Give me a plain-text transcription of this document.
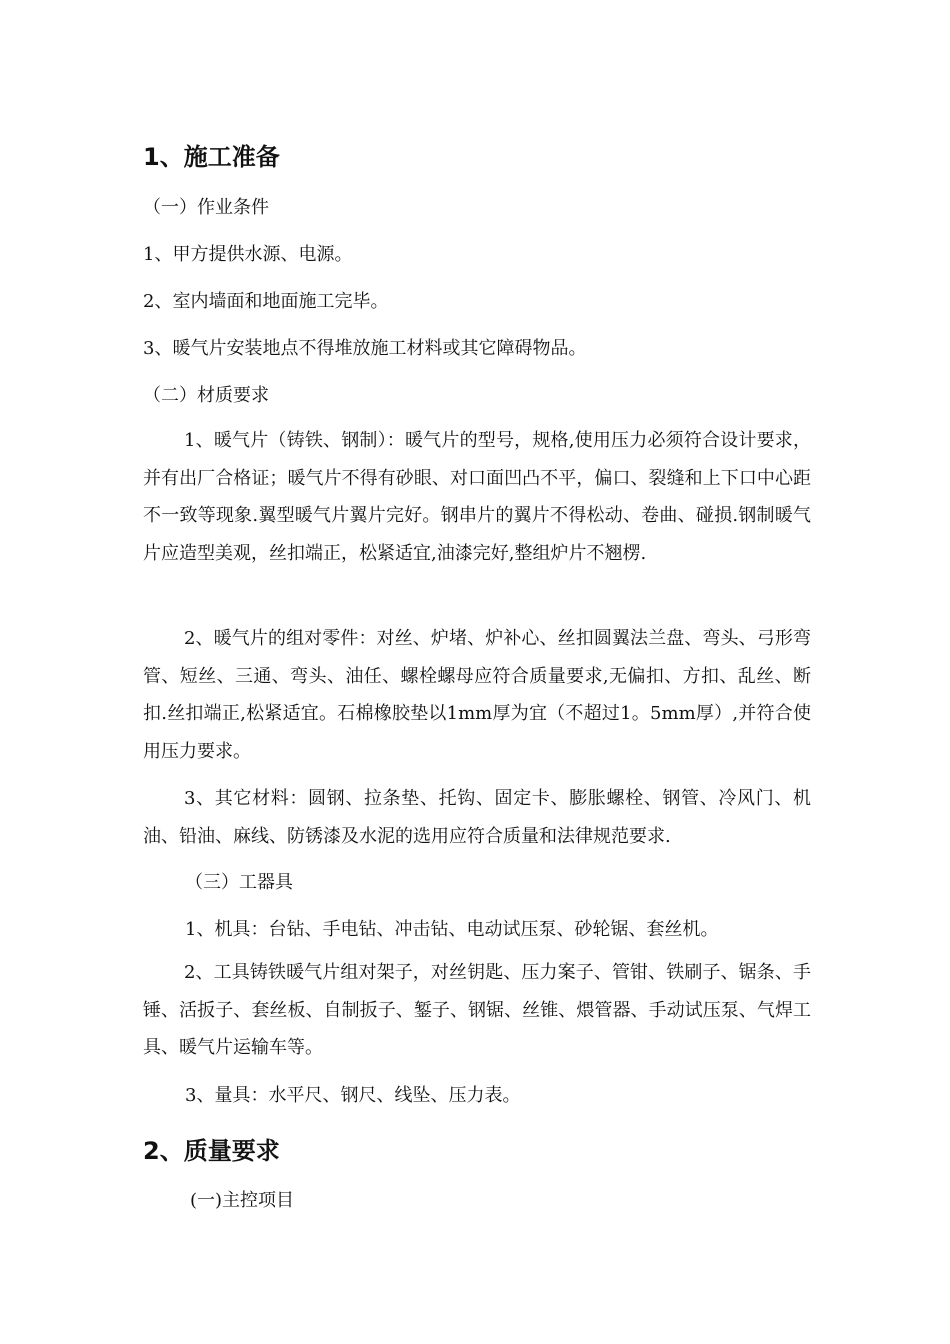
1、施工准备
（一）作业条件
1、甲方提供水源、电源。
2、室内墙面和地面施工完毕。
3、暖气片安装地点不得堆放施工材料或其它障碍物品。
（二）材质要求

1、暖气片（铸铁、钢制）：暖气片的型号，规格,使用压力必须符合设计要求，并有出厂合格证；暖气片不得有砂眼、对口面凹凸不平，偏口、裂缝和上下口中心距不一致等现象.翼型暖气片翼片完好。钢串片的翼片不得松动、卷曲、碰损.钢制暖气片应造型美观，丝扣端正，松紧适宜,油漆完好,整组炉片不翘楞.

2、暖气片的组对零件：对丝、炉堵、炉补心、丝扣圆翼法兰盘、弯头、弓形弯管、短丝、三通、弯头、油任、螺栓螺母应符合质量要求,无偏扣、方扣、乱丝、断扣.丝扣端正,松紧适宜。石棉橡胶垫以1mm厚为宜（不超过1。5mm厚）,并符合使用压力要求。

3、其它材料：圆钢、拉条垫、托钩、固定卡、膨胀螺栓、钢管、冷风门、机油、铅油、麻线、防锈漆及水泥的选用应符合质量和法律规范要求.

（三）工器具
1、机具：台钻、手电钻、冲击钻、电动试压泵、砂轮锯、套丝机。

2、工具铸铁暖气片组对架子，对丝钥匙、压力案子、管钳、铁刷子、锯条、手锤、活扳子、套丝板、自制扳子、錾子、钢锯、丝锥、煨管器、手动试压泵、气焊工具、暖气片运输车等。

3、量具：水平尺、钢尺、线坠、压力表。
2、质量要求
(一)主控项目
